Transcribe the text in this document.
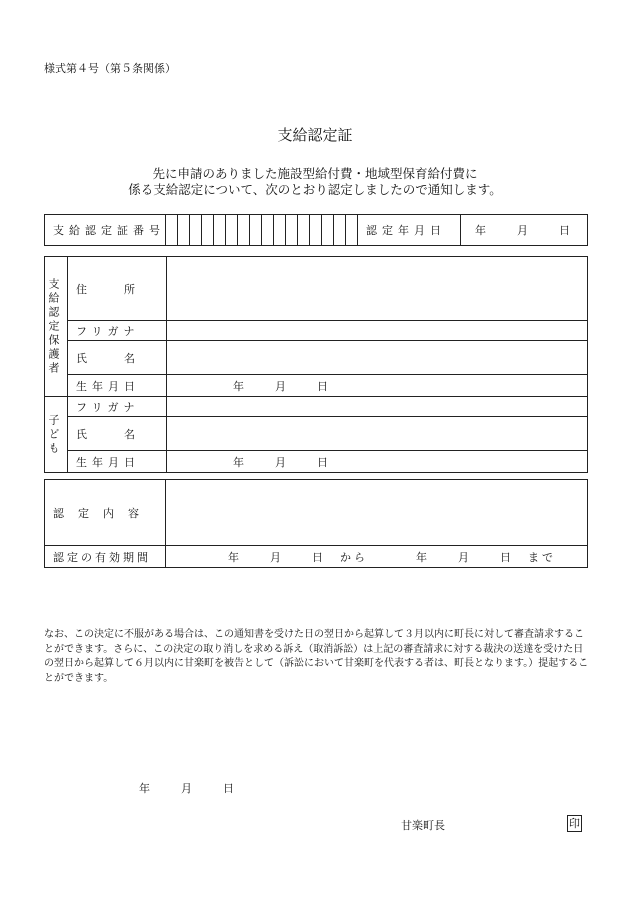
様式第４号（第５条関係）
支給認定証
先に申請のありました施設型給付費・地域型保育給付費に
係る支給認定について、次のとおり認定しましたので通知します。
支給認定証番号																	認定年月日	年　　月　　日
支給認定保護者	住　　所	
	フリガナ	
	氏　　名	
	生年月日	年　　月　　日

子ども	フリガナ	
	氏　　名	
	生年月日	年　　月　　日
認定内容	
認定の有効期間	年　　月　　日　から 年　　月　　日　まで
なお、この決定に不服がある場合は、この通知書を受けた日の翌日から起算して３月以内に町長に対して審査請求することができます。さらに、この決定の取り消しを求める訴え（取消訴訟）は上記の審査請求に対する裁決の送達を受けた日の翌日から起算して６月以内に甘楽町を被告として（訴訟において甘楽町を代表する者は、町長となります。）提起することができます。
年　　月　　日
甘楽町長	印
